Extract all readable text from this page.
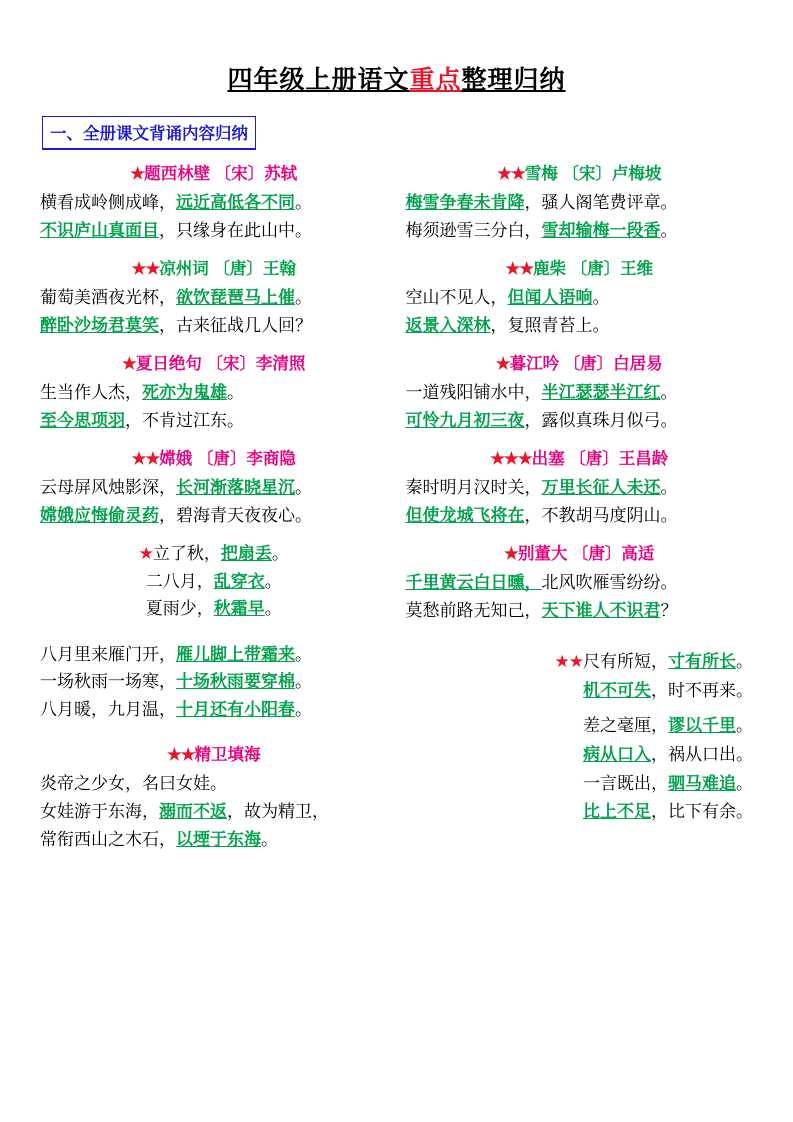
四年级上册语文重点整理归纳
一、全册课文背诵内容归纳
★题西林壁 〔宋〕苏轼
横看成岭侧成峰，远近高低各不同。
不识庐山真面目，只缘身在此山中。
★★凉州词 〔唐〕王翰
葡萄美酒夜光杯，欲饮琵琶马上催。
醉卧沙场君莫笑，古来征战几人回？
★夏日绝句 〔宋〕李清照
生当作人杰，死亦为鬼雄。
至今思项羽，不肯过江东。
★★嫦娥 〔唐〕李商隐
云母屏风烛影深，长河渐落晓星沉。
嫦娥应悔偷灵药，碧海青天夜夜心。
★立了秋，把扇丢。
二八月，乱穿衣。
夏雨少，秋霜早。
八月里来雁门开，雁儿脚上带霜来。
一场秋雨一场寒，十场秋雨要穿棉。
八月暖，九月温，十月还有小阳春。
★★精卫填海
炎帝之少女，名曰女娃。
女娃游于东海，溺而不返，故为精卫，
常衔西山之木石，以堙于东海。
★★雪梅 〔宋〕卢梅坡
梅雪争春未肯降，骚人阁笔费评章。
梅须逊雪三分白，雪却输梅一段香。
★★鹿柴 〔唐〕王维
空山不见人，但闻人语响。
返景入深林，复照青苔上。
★暮江吟 〔唐〕白居易
一道残阳铺水中，半江瑟瑟半江红。
可怜九月初三夜，露似真珠月似弓。
★★★出塞 〔唐〕王昌龄
秦时明月汉时关，万里长征人未还。
但使龙城飞将在，不教胡马度阴山。
★别董大 〔唐〕高适
千里黄云白日曛，北风吹雁雪纷纷。
莫愁前路无知己，天下谁人不识君？
★★尺有所短，寸有所长。
机不可失，时不再来。
差之毫厘，谬以千里。
病从口入，祸从口出。
一言既出，驷马难追。
比上不足，比下有余。
